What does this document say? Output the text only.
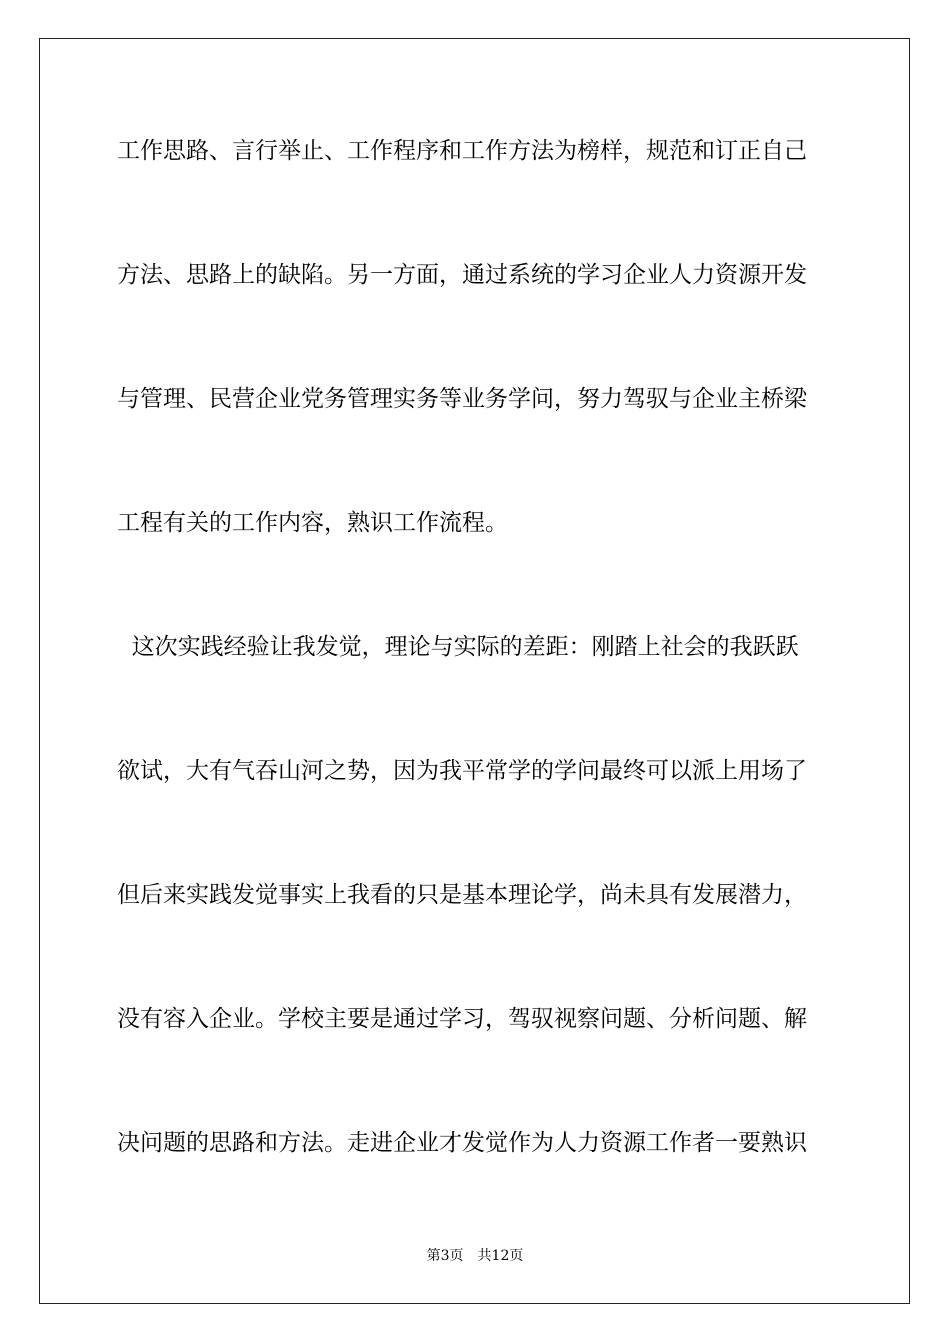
工作思路、言行举止、工作程序和工作方法为榜样，规范和订正自己
方法、思路上的缺陷。另一方面，通过系统的学习企业人力资源开发
与管理、民营企业党务管理实务等业务学问，努力驾驭与企业主桥梁
工程有关的工作内容，熟识工作流程。
这次实践经验让我发觉，理论与实际的差距：刚踏上社会的我跃跃
欲试，大有气吞山河之势，因为我平常学的学问最终可以派上用场了
但后来实践发觉事实上我看的只是基本理论学，尚未具有发展潜力，
没有容入企业。学校主要是通过学习，驾驭视察问题、分析问题、解
决问题的思路和方法。走进企业才发觉作为人力资源工作者一要熟识
第3页 共12页
